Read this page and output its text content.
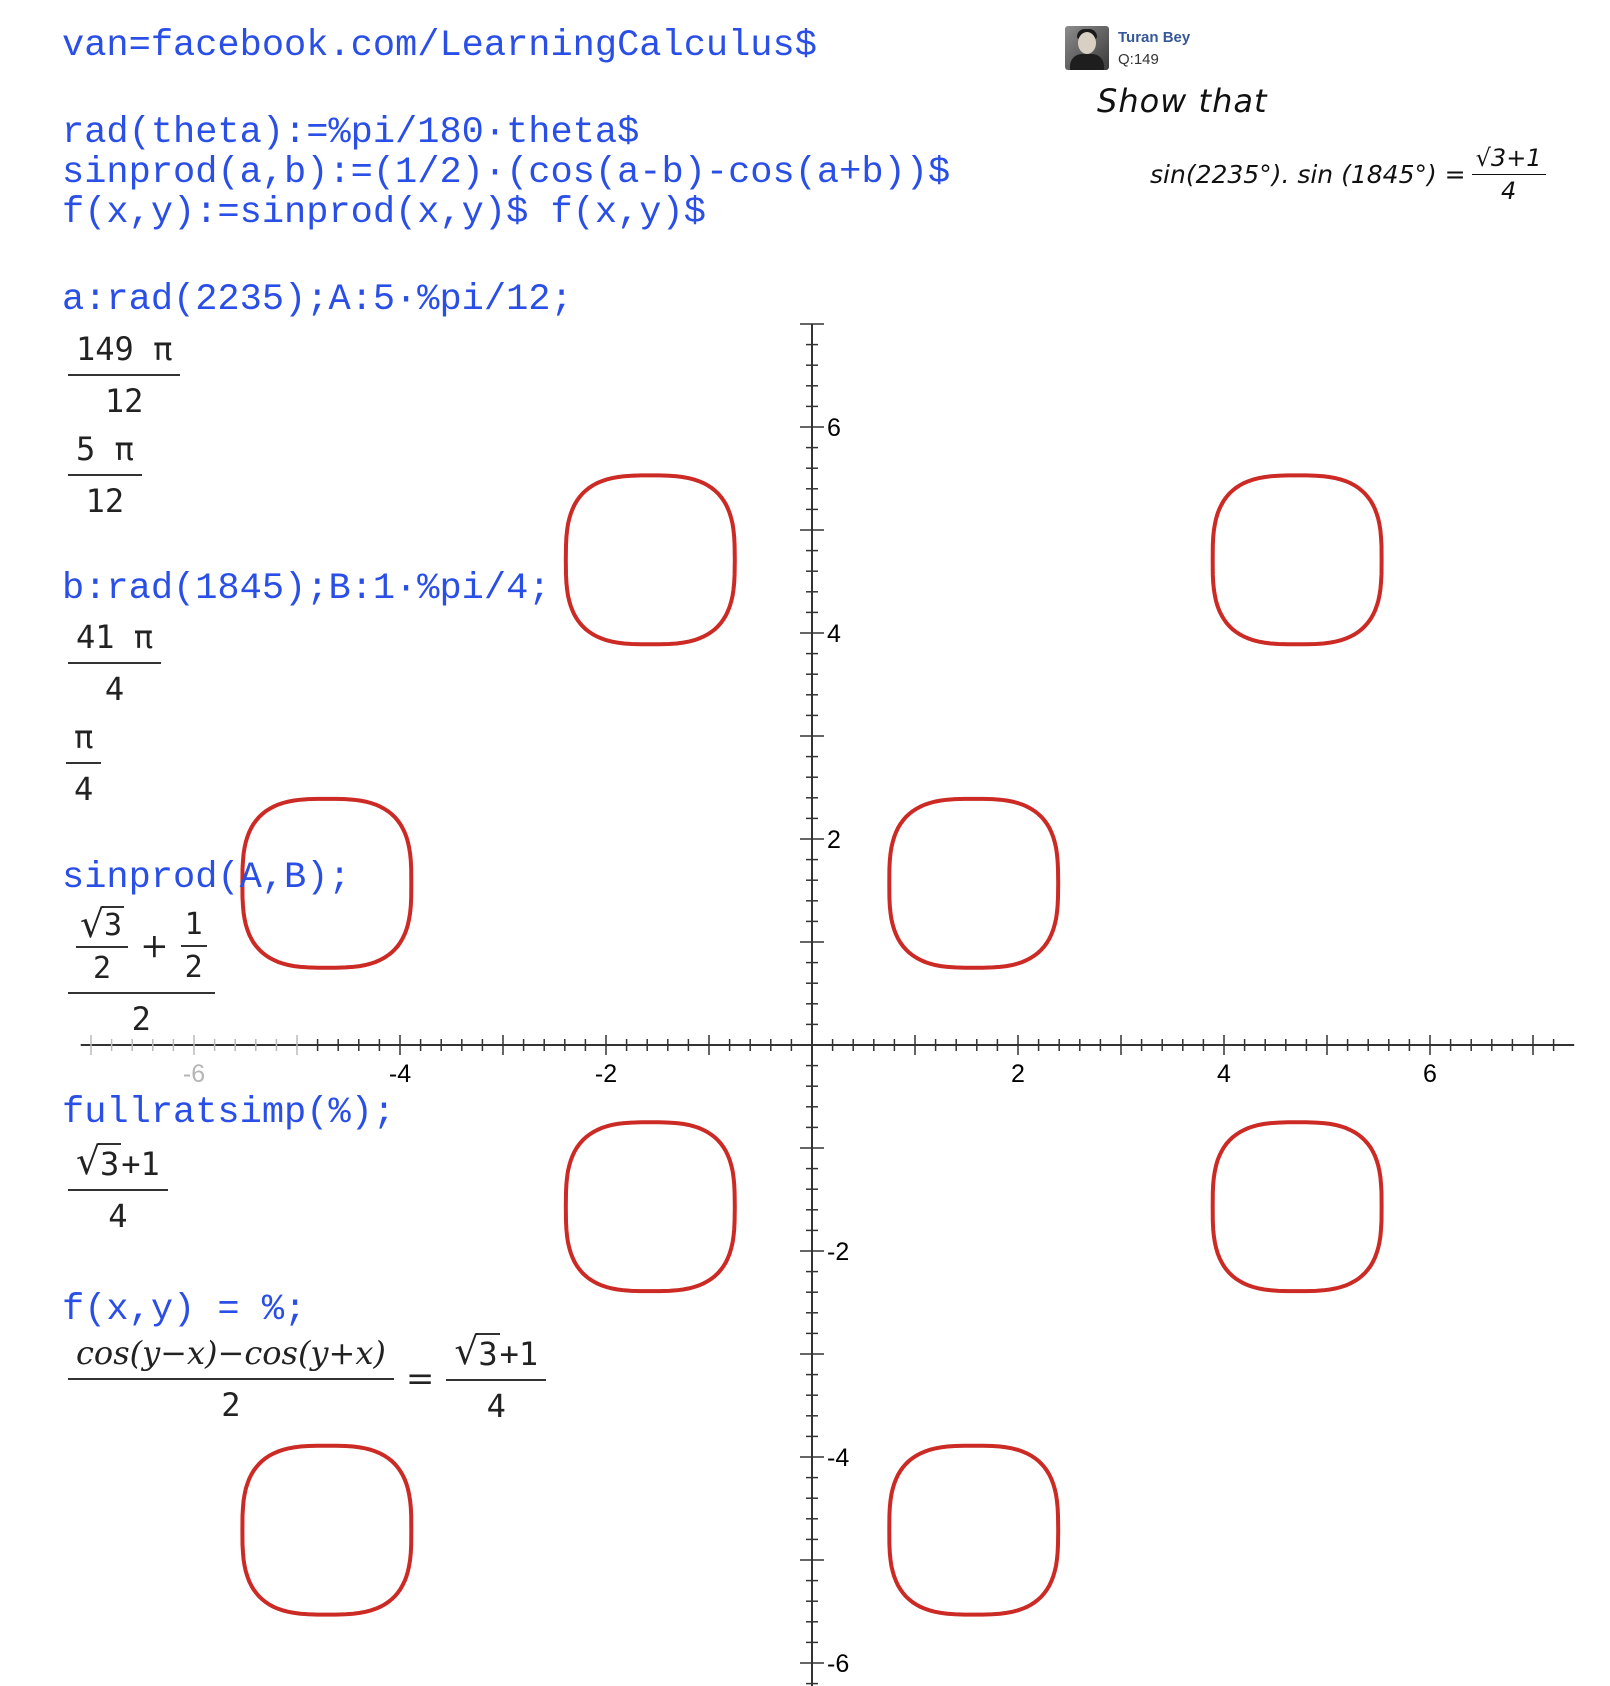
-6	-4	-2	2	4	6
-6
-4
-2
2
4
6
van=facebook.com/LearningCalculus$
rad(theta):=%pi/180·theta$
sinprod(a,b):=(1/2)·(cos(a-b)-cos(a+b))$
f(x,y):=sinprod(x,y)$ f(x,y)$
a:rad(2235);A:5·%pi/12;
$\frac{149 \pi}{12}$
$\frac{5 \pi}{12}$
b:rad(1845);B:1·%pi/4;
$\frac{41 \pi}{4}$
$\frac{\pi}{4}$
sinprod(A,B);
√ 3
2
+ $\frac{1}{2}$
2
fullratsimp(%);
$\frac{√ 3+1}{4}$
f(x,y) = %;
$\frac{\cos(y-x)-\cos(y+x)}{2} = \frac{√ 3+1}{4}$
Turan Bey
Q:149
Show that
sin(2235°). $\sin (1845^\circ) = \frac{√3+1}{4}$
